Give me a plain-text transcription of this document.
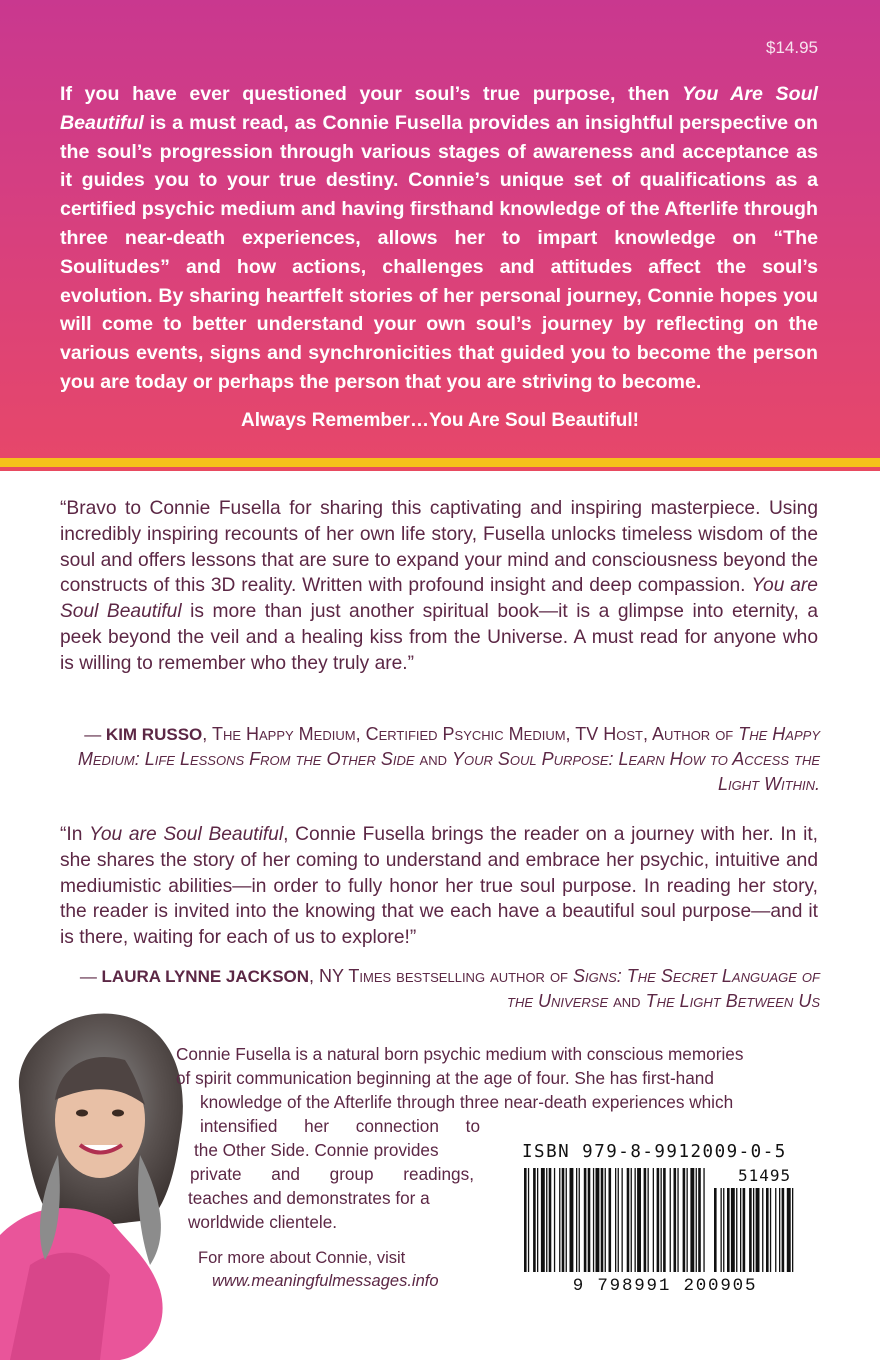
$14.95

If you have ever questioned your soul’s true purpose, then You Are Soul Beautiful is a must read, as Connie Fusella provides an insightful perspective on the soul’s progression through various stages of awareness and acceptance as it guides you to your true destiny. Connie’s unique set of qualifications as a certified psychic medium and having firsthand knowledge of the Afterlife through three near-death experiences, allows her to impart knowledge on “The Soulitudes” and how actions, challenges and attitudes affect the soul’s evolution. By sharing heartfelt stories of her personal journey, Connie hopes you will come to better understand your own soul’s journey by reflecting on the various events, signs and synchronicities that guided you to become the person you are today or perhaps the person that you are striving to become.

Always Remember…You Are Soul Beautiful!

“Bravo to Connie Fusella for sharing this captivating and inspiring masterpiece. Using incredibly inspiring recounts of her own life story, Fusella unlocks timeless wisdom of the soul and offers lessons that are sure to expand your mind and consciousness beyond the constructs of this 3D reality. Written with profound insight and deep compassion. You are Soul Beautiful is more than just another spiritual book—it is a glimpse into eternity, a peek beyond the veil and a healing kiss from the Universe. A must read for anyone who is willing to remember who they truly are.”

— KIM RUSSO, The Happy Medium, Certified Psychic Medium, TV Host, Author of The Happy Medium: Life Lessons From the Other Side and Your Soul Purpose: Learn How to Access the Light Within.

“In You are Soul Beautiful, Connie Fusella brings the reader on a journey with her. In it, she shares the story of her coming to understand and embrace her psychic, intuitive and mediumistic abilities—in order to fully honor her true soul purpose. In reading her story, the reader is invited into the knowing that we each have a beautiful soul purpose—and it is there, waiting for each of us to explore!”

— LAURA LYNNE JACKSON, NY Times bestselling author of Signs: The Secret Language of the Universe and The Light Between Us

Connie Fusella is a natural born psychic medium with conscious memories

of spirit communication beginning at the age of four. She has first-hand

knowledge of the Afterlife through three near-death experiences which

intensified her connection to

the Other Side. Connie provides

private and group readings,

teaches and demonstrates for a

worldwide clientele.

For more about Connie, visit

www.meaningfulmessages.info

ISBN 979-8-9912009-0-5
51495
9 798991 200905
